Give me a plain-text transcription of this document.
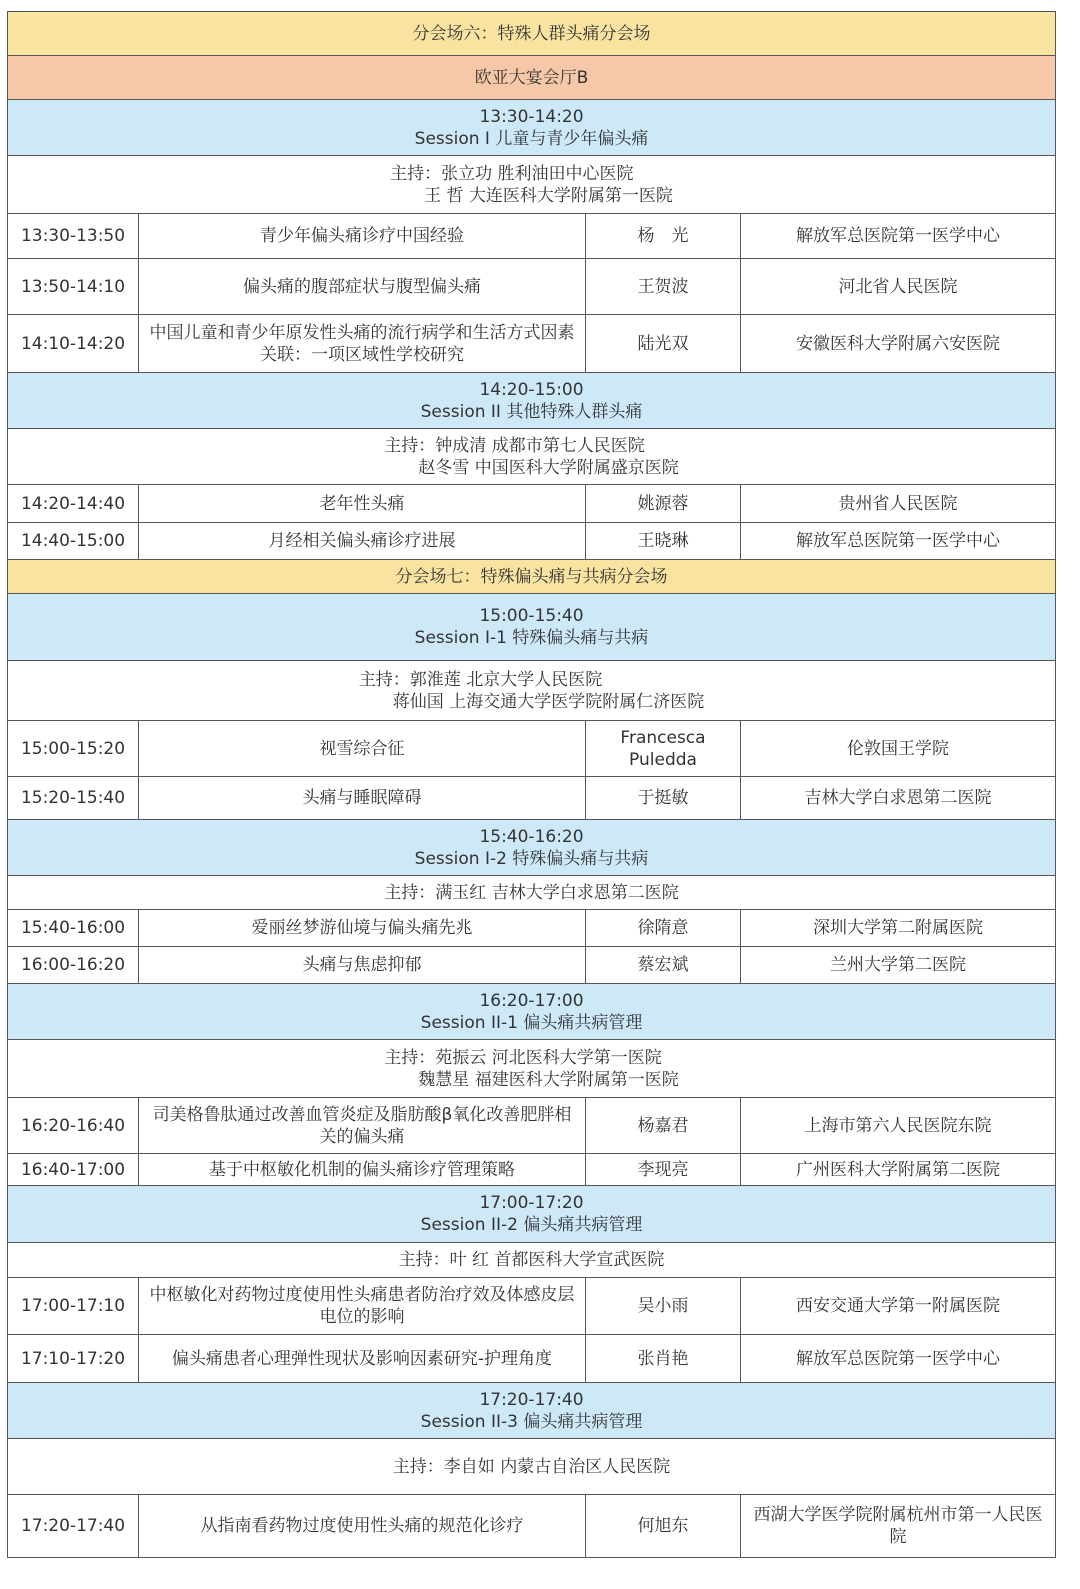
分会场六：特殊人群头痛分会场			
欧亚大宴会厅B			

13:30-14:20
Session I 儿童与青少年偏头痛			

主持：张立功 胜利油田中心医院
王 哲 大连医科大学附属第一医院			

13:30-13:50	青少年偏头痛诊疗中国经验	杨　光	解放军总医院第一医学中心
13:50-14:10	偏头痛的腹部症状与腹型偏头痛	王贺波	河北省人民医院
14:10-14:20	中国儿童和青少年原发性头痛的流行病学和生活方式因素关联：一项区域性学校研究	陆光双	安徽医科大学附属六安医院

14:20-15:00
Session II 其他特殊人群头痛			

主持：钟成清 成都市第七人民医院
赵冬雪 中国医科大学附属盛京医院			

14:20-14:40	老年性头痛	姚源蓉	贵州省人民医院
14:40-15:00	月经相关偏头痛诊疗进展	王晓琳	解放军总医院第一医学中心
分会场七：特殊偏头痛与共病分会场			

15:00-15:40
Session I-1 特殊偏头痛与共病			

主持：郭淮莲 北京大学人民医院
蒋仙国 上海交通大学医学院附属仁济医院			

15:00-15:20	视雪综合征	Francesca Puledda	伦敦国王学院
15:20-15:40	头痛与睡眠障碍	于挺敏	吉林大学白求恩第二医院

15:40-16:20
Session I-2 特殊偏头痛与共病			

主持：满玉红 吉林大学白求恩第二医院			

15:40-16:00	爱丽丝梦游仙境与偏头痛先兆	徐隋意	深圳大学第二附属医院
16:00-16:20	头痛与焦虑抑郁	蔡宏斌	兰州大学第二医院

16:20-17:00
Session II-1 偏头痛共病管理			

主持：苑振云 河北医科大学第一医院
魏慧星 福建医科大学附属第一医院			

16:20-16:40	司美格鲁肽通过改善血管炎症及脂肪酸β氧化改善肥胖相关的偏头痛	杨嘉君	上海市第六人民医院东院
16:40-17:00	基于中枢敏化机制的偏头痛诊疗管理策略	李现亮	广州医科大学附属第二医院

17:00-17:20
Session II-2 偏头痛共病管理			

主持：叶 红 首都医科大学宣武医院			

17:00-17:10	中枢敏化对药物过度使用性头痛患者防治疗效及体感皮层电位的影响	吴小雨	西安交通大学第一附属医院
17:10-17:20	偏头痛患者心理弹性现状及影响因素研究-护理角度	张肖艳	解放军总医院第一医学中心

17:20-17:40
Session II-3 偏头痛共病管理			

主持：李自如 内蒙古自治区人民医院			

17:20-17:40	从指南看药物过度使用性头痛的规范化诊疗	何旭东	西湖大学医学院附属杭州市第一人民医院
